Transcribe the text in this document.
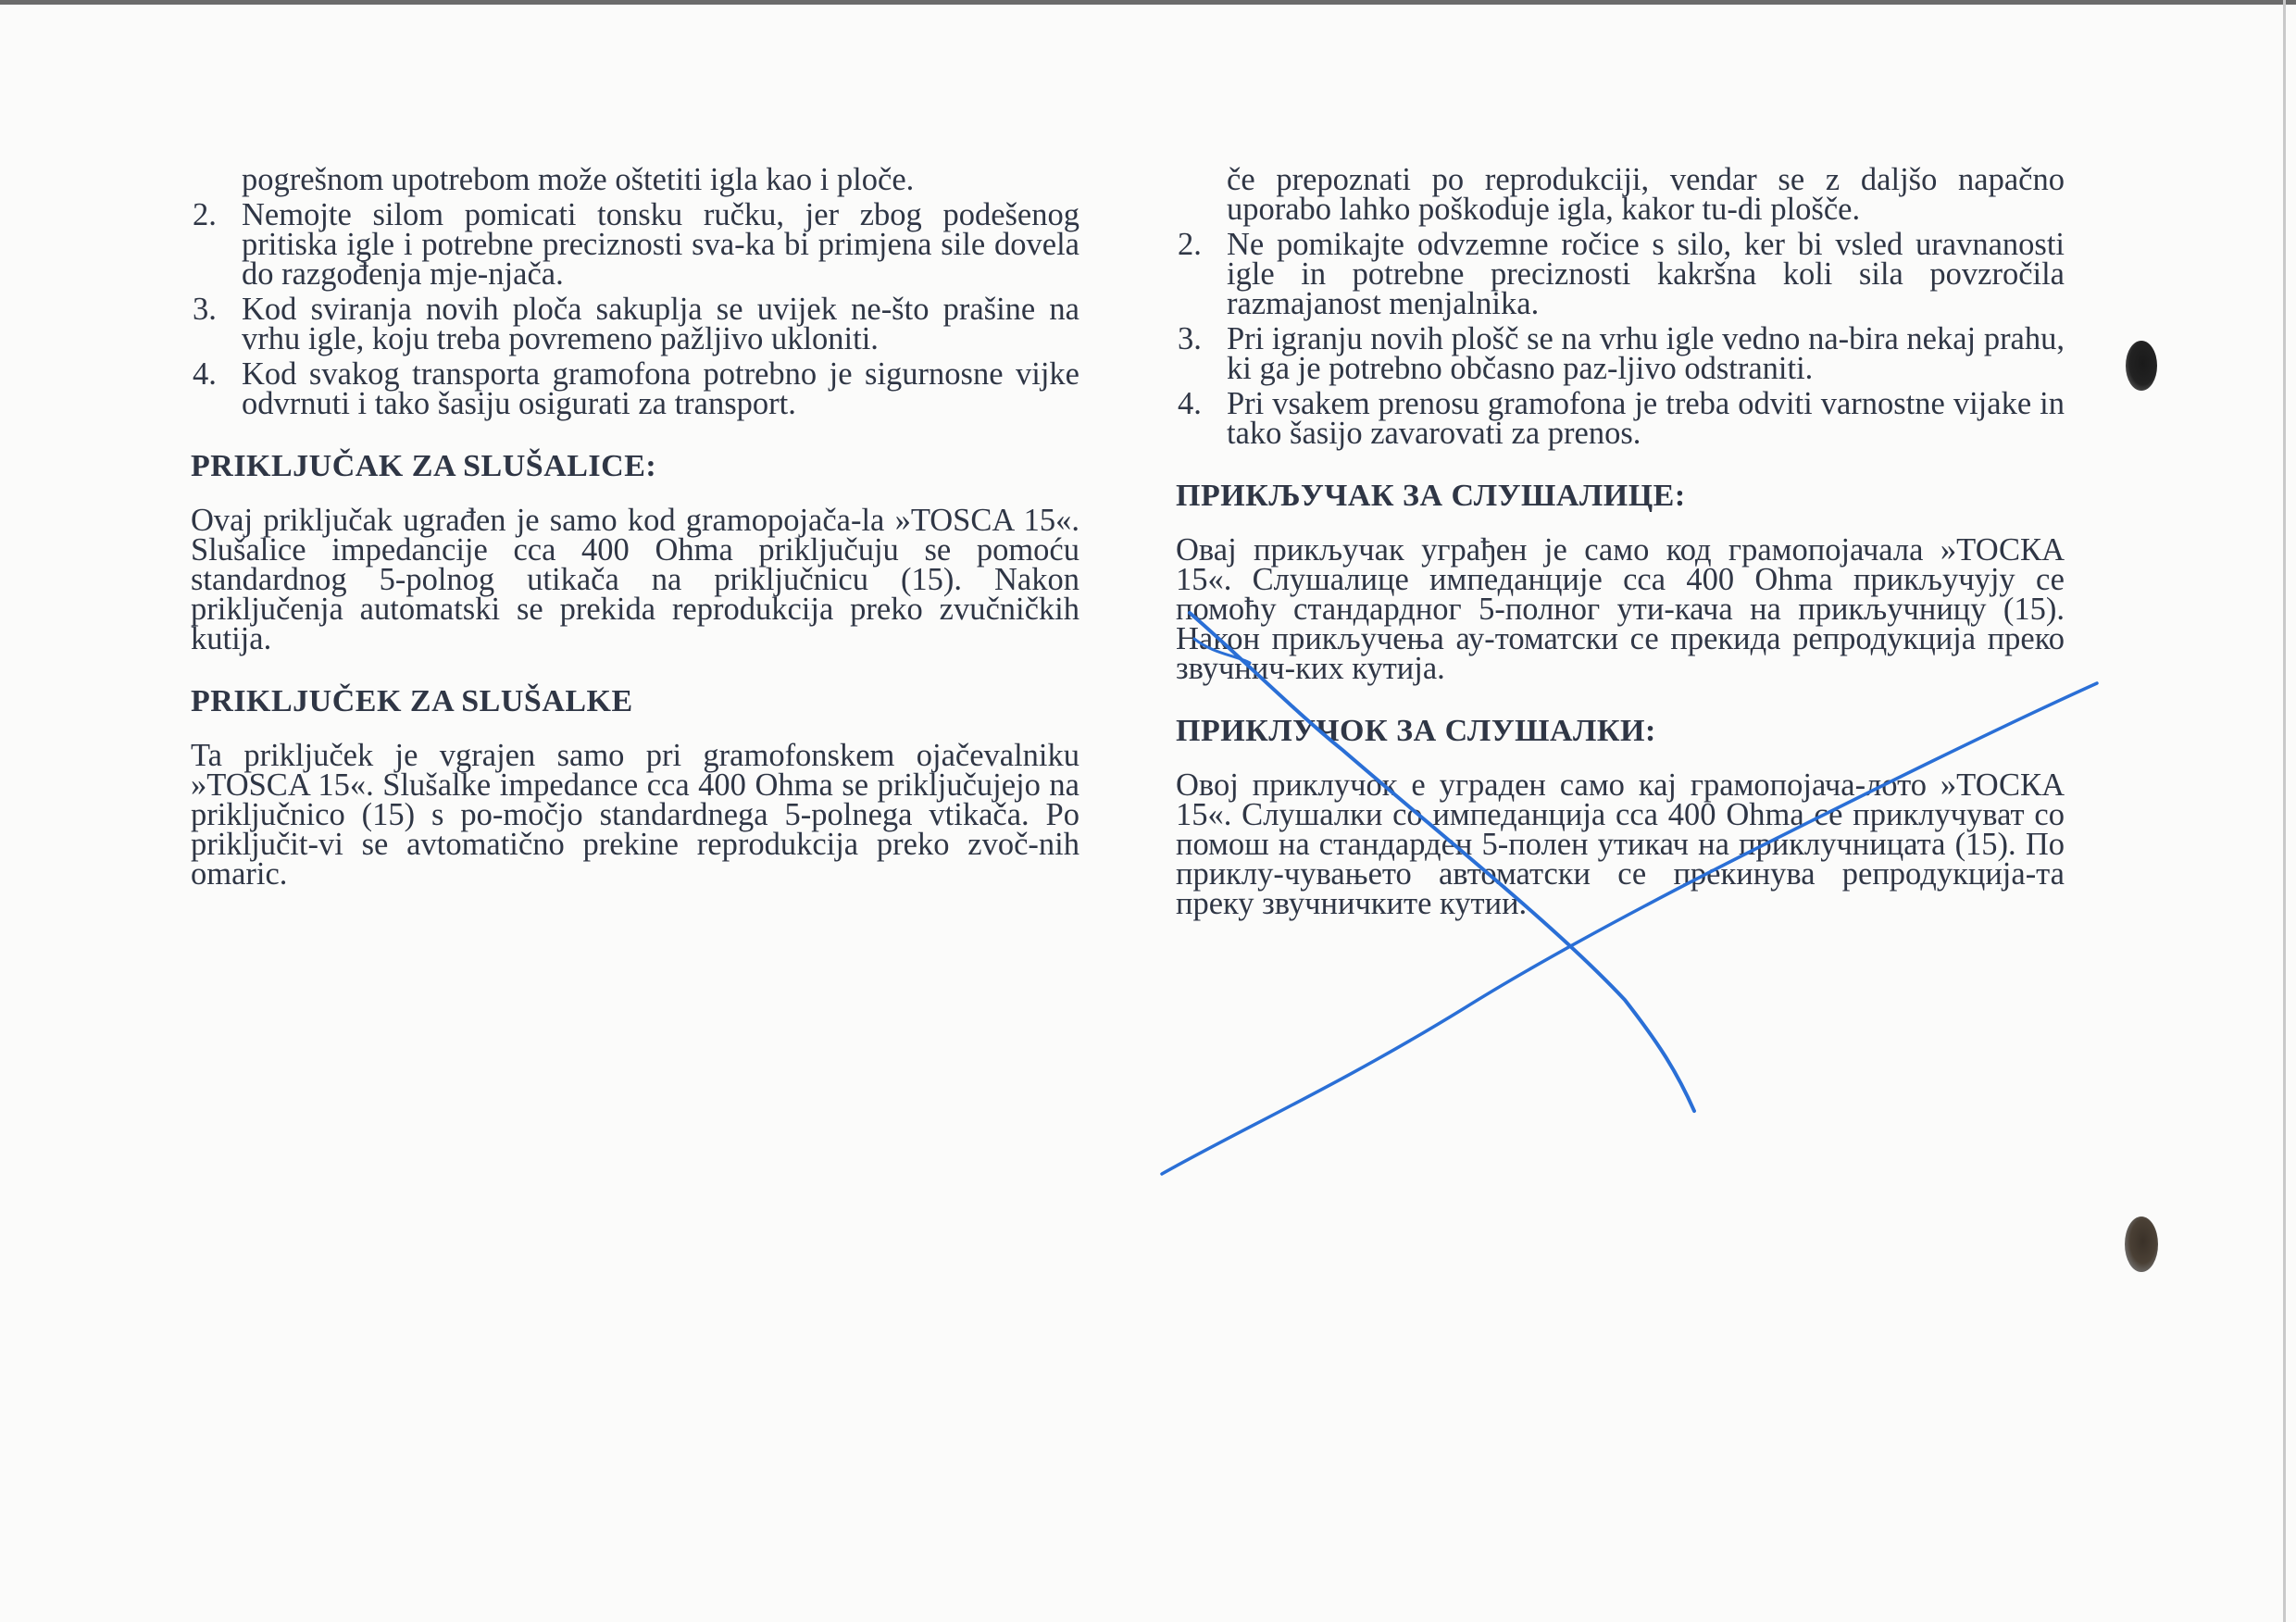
pogrešnom upotrebom može oštetiti igla kao i ploče.

2. Nemojte silom pomicati tonsku ručku, jer zbog podešenog pritiska igle i potrebne preciznosti sva-ka bi primjena sile dovela do razgođenja mje-njača.
3. Kod sviranja novih ploča sakuplja se uvijek ne-što prašine na vrhu igle, koju treba povremeno pažljivo ukloniti.
4. Kod svakog transporta gramofona potrebno je sigurnosne vijke odvrnuti i tako šasiju osigurati za transport.
PRIKLJUČAK ZA SLUŠALICE:

Ovaj priključak ugrađen je samo kod gramopojača-la »TOSCA 15«. Slušalice impedancije cca 400 Ohma priključuju se pomoću standardnog 5-polnog utikača na priključnicu (15). Nakon priključenja automatski se prekida reprodukcija preko zvučničkih kutija.

PRIKLJUČEK ZA SLUŠALKE

Ta priključek je vgrajen samo pri gramofonskem ojačevalniku »TOSCA 15«. Slušalke impedance cca 400 Ohma se priključujejo na priključnico (15) s po-močjo standardnega 5-polnega vtikača. Po priključit-vi se avtomatično prekine reprodukcija preko zvoč-nih omaric.

če prepoznati po reprodukciji, vendar se z daljšo napačno uporabo lahko poškoduje igla, kakor tu-di plošče.

2. Ne pomikajte odvzemne ročice s silo, ker bi vsled uravnanosti igle in potrebne preciznosti kakršna koli sila povzročila razmajanost menjalnika.
3. Pri igranju novih plošč se na vrhu igle vedno na-bira nekaj prahu, ki ga je potrebno občasno paz-ljivo odstraniti.
4. Pri vsakem prenosu gramofona je treba odviti varnostne vijake in tako šasijo zavarovati za prenos.
ПРИКЉУЧАК ЗА СЛУШАЛИЦЕ:

Овај прикључак уграђен је само код грамопојачала »ТОСКА 15«. Слушалице импеданције cca 400 Ohma прикључују се помоћу стандардног 5-полног ути-кача на прикључницу (15). Након прикључења ау-томатски се прекида репродукција преко звучнич-ких кутија.

ПРИКЛУЧОК ЗА СЛУШАЛКИ:

Овој приклучок е уграден само кај грамопојача-лото »ТОСКА 15«. Слушалки со импеданција cca 400 Ohma се приклучуват со помош на стандарден 5-полен утикач на приклучницата (15). По приклу-чувањето автоматски се прекинува репродукција-та преку звучничките кутии.
